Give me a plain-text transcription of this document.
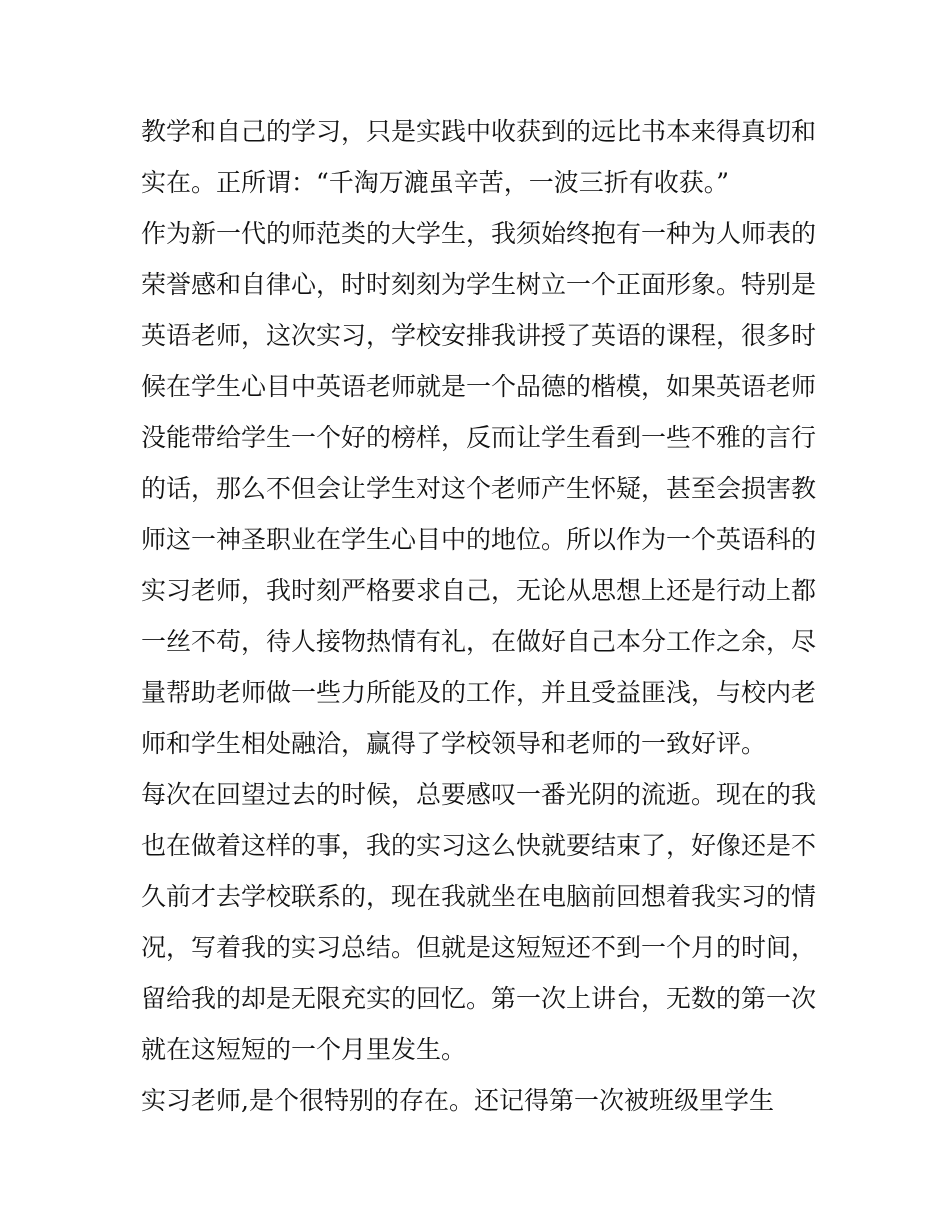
教学和自己的学习，只是实践中收获到的远比书本来得真切和
实在。正所谓：“千淘万漉虽辛苦，一波三折有收获。”
作为新一代的师范类的大学生，我须始终抱有一种为人师表的
荣誉感和自律心，时时刻刻为学生树立一个正面形象。特别是
英语老师，这次实习，学校安排我讲授了英语的课程，很多时
候在学生心目中英语老师就是一个品德的楷模，如果英语老师
没能带给学生一个好的榜样，反而让学生看到一些不雅的言行
的话，那么不但会让学生对这个老师产生怀疑，甚至会损害教
师这一神圣职业在学生心目中的地位。所以作为一个英语科的
实习老师，我时刻严格要求自己，无论从思想上还是行动上都
一丝不苟，待人接物热情有礼，在做好自己本分工作之余，尽
量帮助老师做一些力所能及的工作，并且受益匪浅，与校内老
师和学生相处融洽，赢得了学校领导和老师的一致好评。
每次在回望过去的时候，总要感叹一番光阴的流逝。现在的我
也在做着这样的事，我的实习这么快就要结束了，好像还是不
久前才去学校联系的，现在我就坐在电脑前回想着我实习的情
况，写着我的实习总结。但就是这短短还不到一个月的时间，
留给我的却是无限充实的回忆。第一次上讲台，无数的第一次
就在这短短的一个月里发生。
实习老师,是个很特别的存在。还记得第一次被班级里学生
